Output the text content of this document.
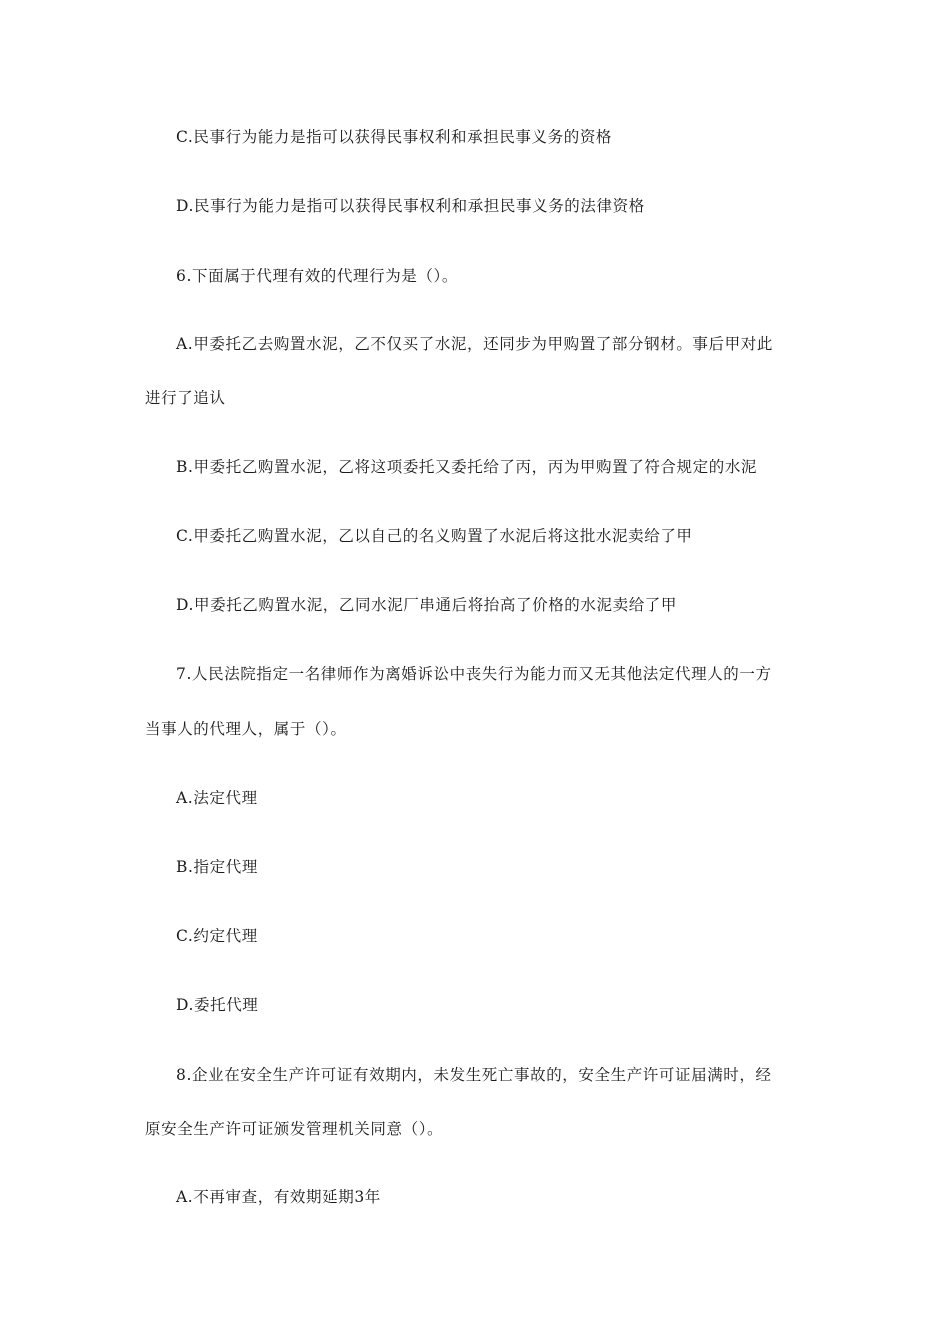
C.民事行为能力是指可以获得民事权利和承担民事义务的资格
D.民事行为能力是指可以获得民事权利和承担民事义务的法律资格
6.下面属于代理有效的代理行为是（）。
A.甲委托乙去购置水泥，乙不仅买了水泥，还同步为甲购置了部分钢材。事后甲对此
进行了追认
B.甲委托乙购置水泥，乙将这项委托又委托给了丙，丙为甲购置了符合规定的水泥
C.甲委托乙购置水泥，乙以自己的名义购置了水泥后将这批水泥卖给了甲
D.甲委托乙购置水泥，乙同水泥厂串通后将抬高了价格的水泥卖给了甲
7.人民法院指定一名律师作为离婚诉讼中丧失行为能力而又无其他法定代理人的一方
当事人的代理人，属于（）。
A.法定代理
B.指定代理
C.约定代理
D.委托代理
8.企业在安全生产许可证有效期内，未发生死亡事故的，安全生产许可证届满时，经
原安全生产许可证颁发管理机关同意（）。
A.不再审查，有效期延期3年
